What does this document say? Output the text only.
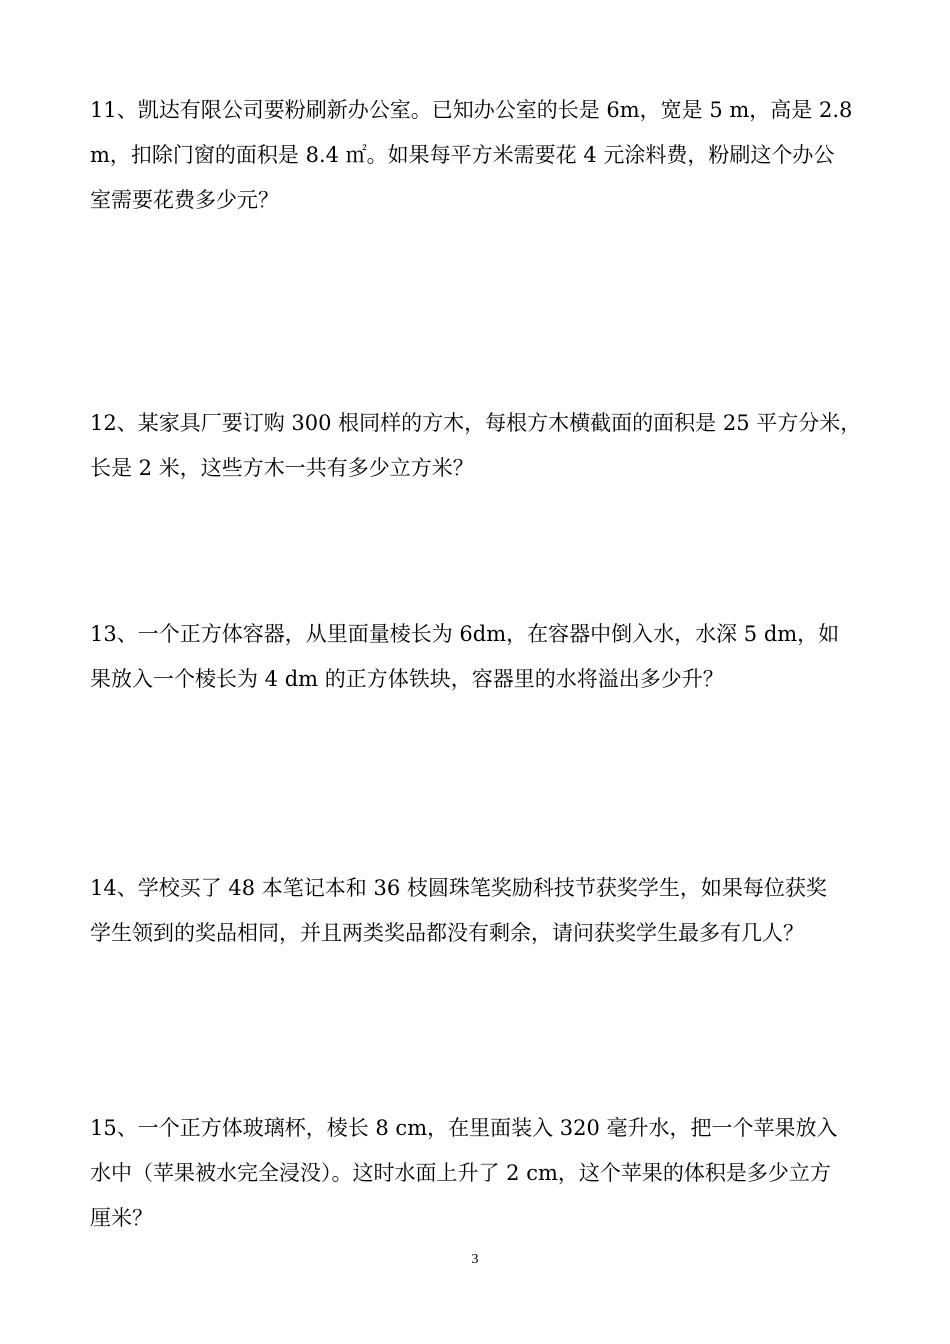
11、凯达有限公司要粉刷新办公室。已知办公室的长是 6m，宽是 5 m，高是 2.8
m，扣除门窗的面积是 8.4 ㎡。如果每平方米需要花 4 元涂料费，粉刷这个办公
室需要花费多少元？

12、某家具厂要订购 300 根同样的方木，每根方木横截面的面积是 25 平方分米，
长是 2 米，这些方木一共有多少立方米？

13、一个正方体容器，从里面量棱长为 6dm，在容器中倒入水，水深 5 dm，如
果放入一个棱长为 4 dm 的正方体铁块，容器里的水将溢出多少升？

14、学校买了 48 本笔记本和 36 枝圆珠笔奖励科技节获奖学生，如果每位获奖
学生领到的奖品相同，并且两类奖品都没有剩余，请问获奖学生最多有几人？

15、一个正方体玻璃杯，棱长 8 cm，在里面装入 320 毫升水，把一个苹果放入
水中（苹果被水完全浸没）。这时水面上升了 2 cm，这个苹果的体积是多少立方
厘米？

3
